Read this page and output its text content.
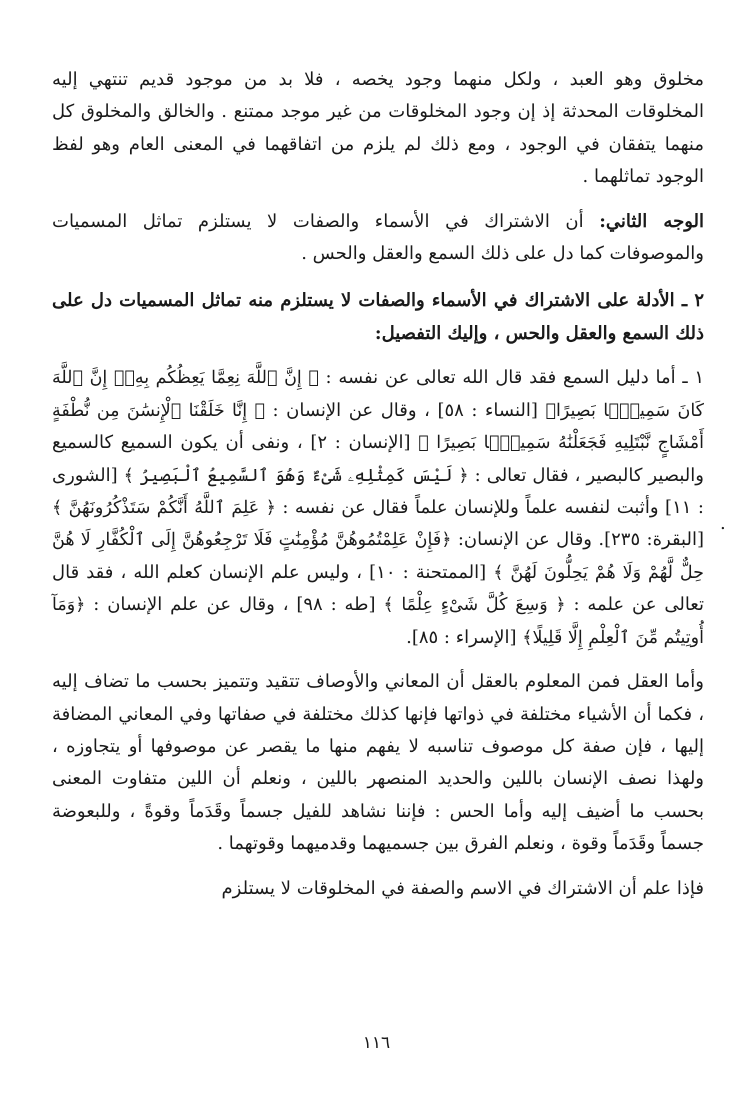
مخلوق وهو العبد ، ولكل منهما وجود يخصه ، فلا بد من موجود قديم تنتهي إليه المخلوقات المحدثة إذ إن وجود المخلوقات من غير موجد ممتنع . والخالق والمخلوق كل منهما يتفقان في الوجود ، ومع ذلك لم يلزم من اتفاقهما في المعنى العام وهو لفظ الوجود تماثلهما .

الوجه الثاني: أن الاشتراك في الأسماء والصفات لا يستلزم تماثل المسميات والموصوفات كما دل على ذلك السمع والعقل والحس .

٢ ـ الأدلة على الاشتراك في الأسماء والصفات لا يستلزم منه تماثل المسميات دل على ذلك السمع والعقل والحس ، وإليك التفصيل:

١ ـ أما دليل السمع فقد قال الله تعالى عن نفسه : ﴿ إِنَّ ٱللَّهَ نِعِمَّا يَعِظُكُم بِهِۦٓ إِنَّ ٱللَّهَ كَانَ سَمِيعًۢا بَصِيرًا﴾ [النساء : ٥٨] ، وقال عن الإنسان : ﴿ إِنَّا خَلَقْنَا ٱلْإِنسَٰنَ مِن نُّطْفَةٍ أَمْشَاجٍ نَّبْتَلِيهِ فَجَعَلْنَٰهُ سَمِيعًۢا بَصِيرًا ﴾ [الإنسان : ٢] ، ونفى أن يكون السميع كالسميع والبصير كالبصير ، فقال تعالى : ﴿ لَيْسَ كَمِثْلِهِۦ شَىْءٌ وَهُوَ ٱلسَّمِيعُ ٱلْبَصِيرُ ﴾ [الشورى : ١١] وأثبت لنفسه علماً وللإنسان علماً فقال عن نفسه : ﴿ عَلِمَ ٱللَّهُ أَنَّكُمْ سَتَذْكُرُونَهُنَّ ﴾ [البقرة: ٢٣٥]. وقال عن الإنسان: ﴿فَإِنْ عَلِمْتُمُوهُنَّ مُؤْمِنَٰتٍ فَلَا تَرْجِعُوهُنَّ إِلَى ٱلْكُفَّارِ لَا هُنَّ حِلٌّ لَّهُمْ وَلَا هُمْ يَحِلُّونَ لَهُنَّ ﴾ [الممتحنة : ١٠] ، وليس علم الإنسان كعلم الله ، فقد قال تعالى عن علمه : ﴿ وَسِعَ كُلَّ شَىْءٍ عِلْمًا ﴾ [طه : ٩٨] ، وقال عن علم الإنسان : ﴿وَمَآ أُوتِيتُم مِّنَ ٱلْعِلْمِ إِلَّا قَلِيلًا﴾ [الإسراء : ٨٥].

وأما العقل فمن المعلوم بالعقل أن المعاني والأوصاف تتقيد وتتميز بحسب ما تضاف إليه ، فكما أن الأشياء مختلفة في ذواتها فإنها كذلك مختلفة في صفاتها وفي المعاني المضافة إليها ، فإن صفة كل موصوف تناسبه لا يفهم منها ما يقصر عن موصوفها أو يتجاوزه ، ولهذا نصف الإنسان باللين والحديد المنصهر باللين ، ونعلم أن اللين متفاوت المعنى بحسب ما أضيف إليه وأما الحس : فإننا نشاهد للفيل جسماً وقَدَماً وقوةً ، وللبعوضة جسماً وقَدَماً وقوة ، ونعلم الفرق بين جسميهما وقدميهما وقوتهما .

فإذا علم أن الاشتراك في الاسم والصفة في المخلوقات لا يستلزم

.
١١٦
